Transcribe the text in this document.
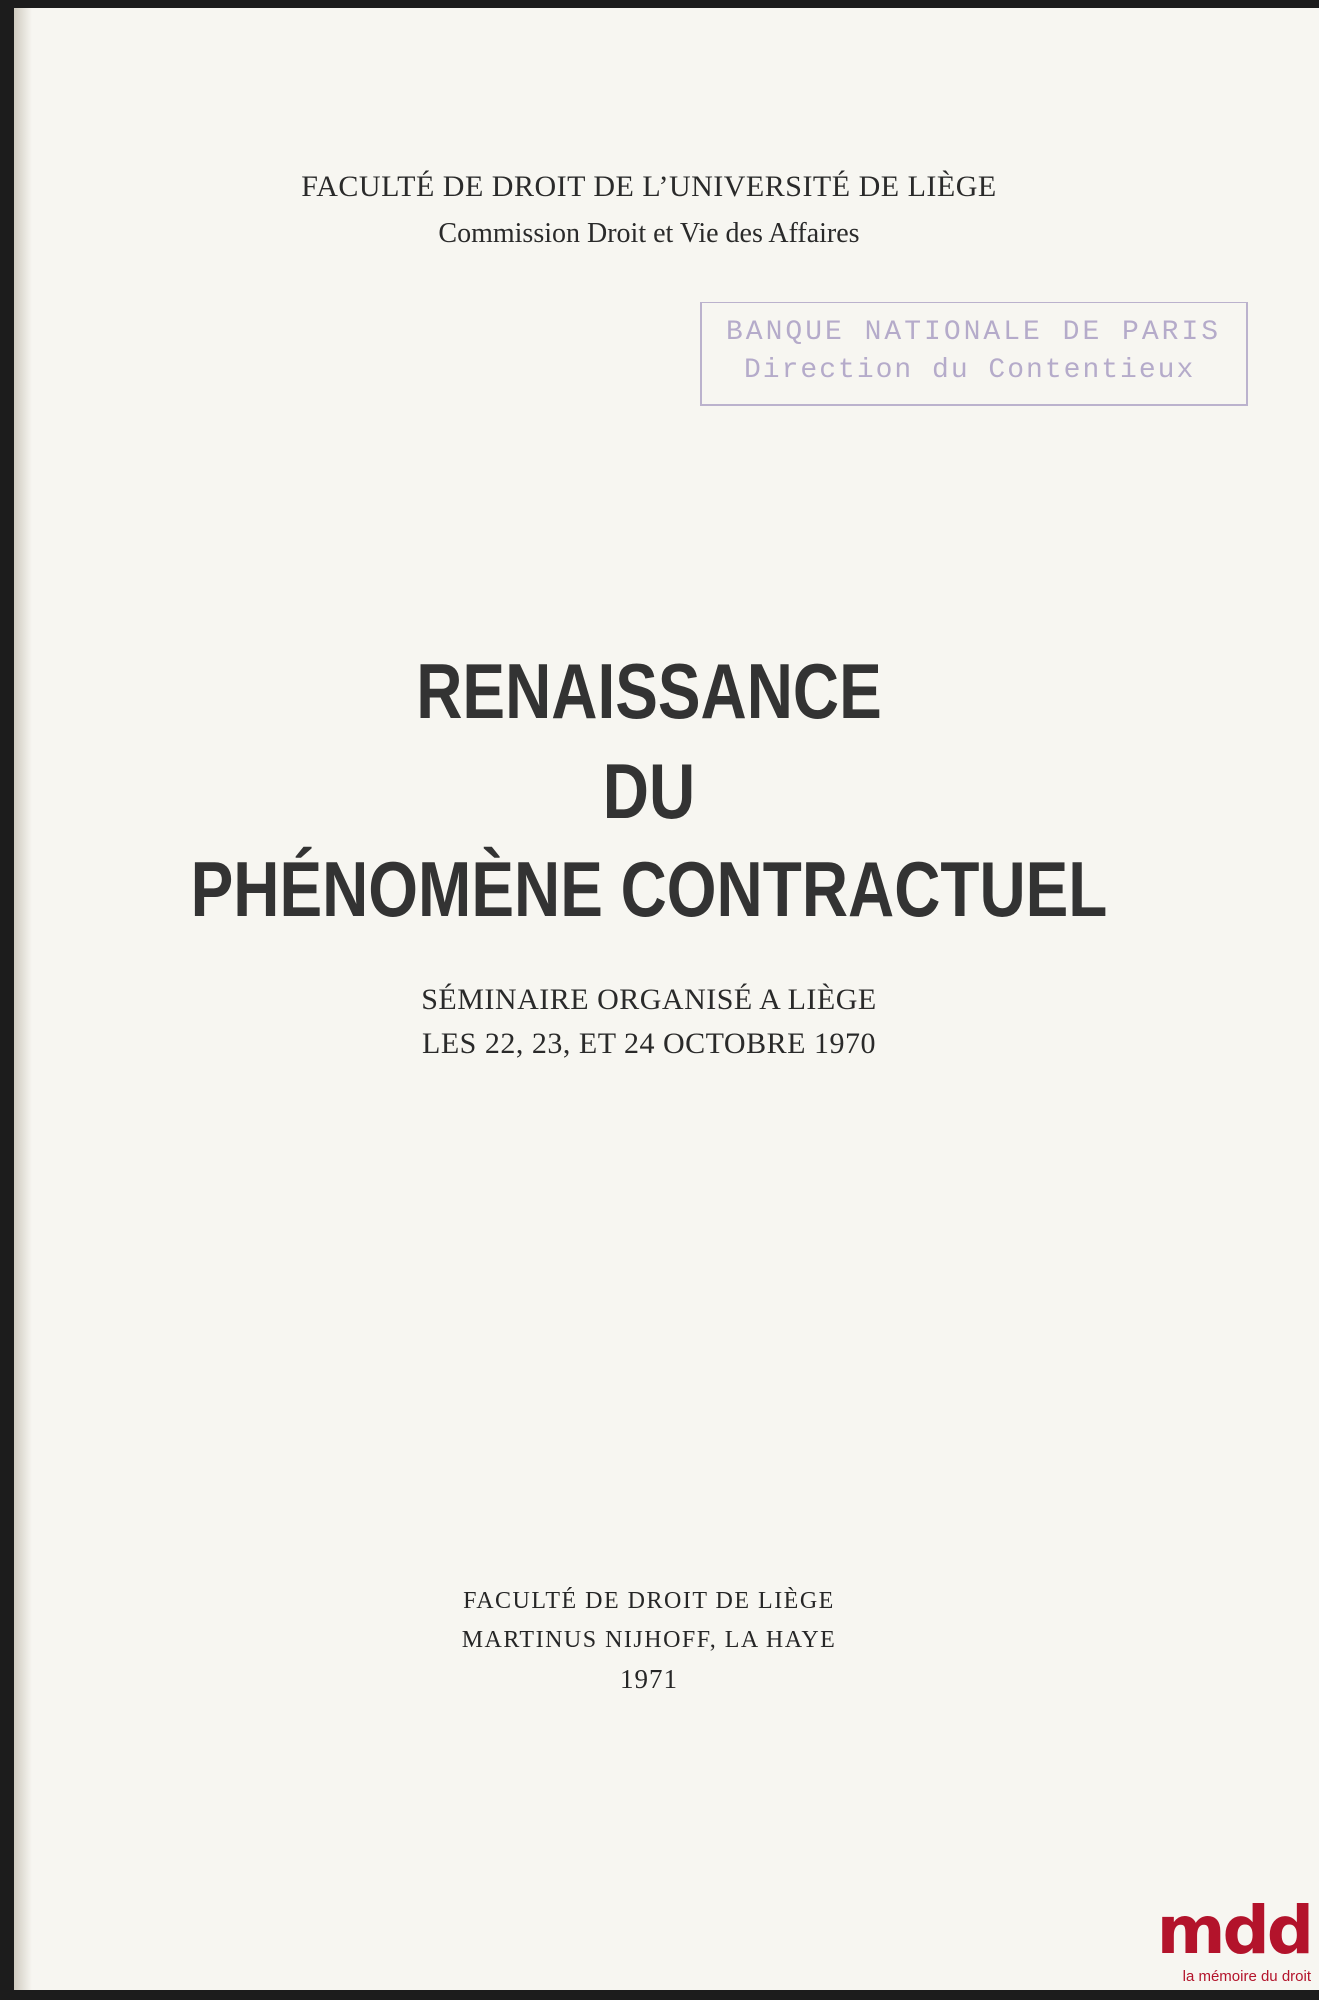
FACULTÉ DE DROIT DE L’UNIVERSITÉ DE LIÈGE
Commission Droit et Vie des Affaires
BANQUE NATIONALE DE PARIS
Direction du Contentieux
RENAISSANCE
DU
PHÉNOMÈNE CONTRACTUEL
SÉMINAIRE ORGANISÉ A LIÈGE
LES 22, 23, ET 24 OCTOBRE 1970
FACULTÉ DE DROIT DE LIÈGE
MARTINUS NIJHOFF, LA HAYE
1971
mdd
la mémoire du droit
